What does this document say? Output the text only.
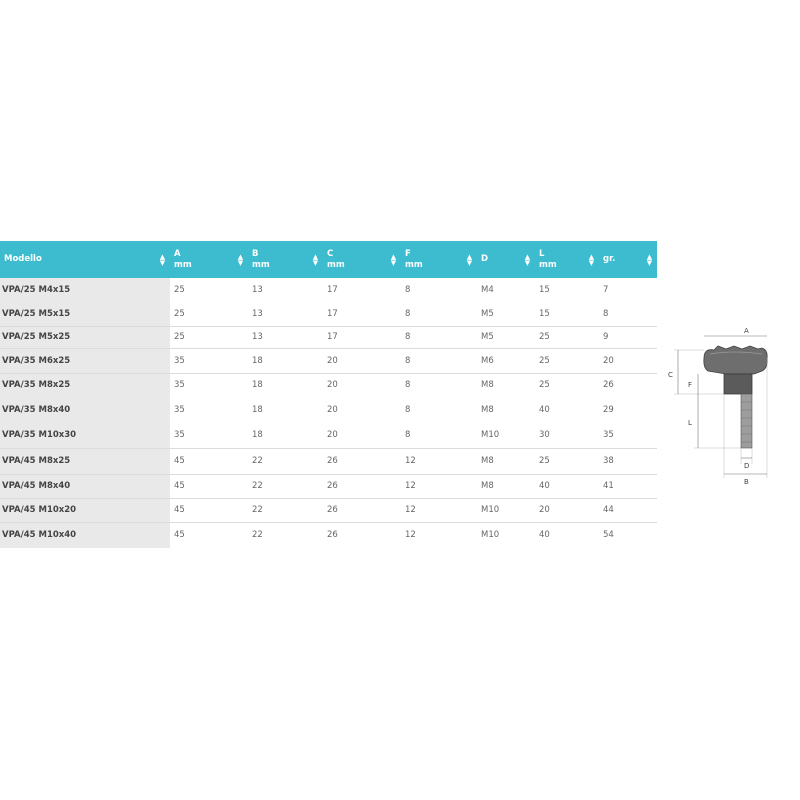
Modello ▲
▼	A
mm
▲
▼	B
mm
▲
▼	C
mm
▲
▼	F
mm
▲
▼	D ▲
▼	L
mm
▲
▼	gr. ▲
▼

VPA/25 M4x15	25	13	17	8	M4	15	7
VPA/25 M5x15	25	13	17	8	M5	15	8
VPA/25 M5x25	25	13	17	8	M5	25	9
VPA/35 M6x25	35	18	20	8	M6	25	20
VPA/35 M8x25	35	18	20	8	M8	25	26
VPA/35 M8x40	35	18	20	8	M8	40	29
VPA/35 M10x30	35	18	20	8	M10	30	35
VPA/45 M8x25	45	22	26	12	M8	25	38
VPA/45 M8x40	45	22	26	12	M8	40	41
VPA/45 M10x20	45	22	26	12	M10	20	44
VPA/45 M10x40	45	22	26	12	M10	40	54
A
C
F
L
D
B
